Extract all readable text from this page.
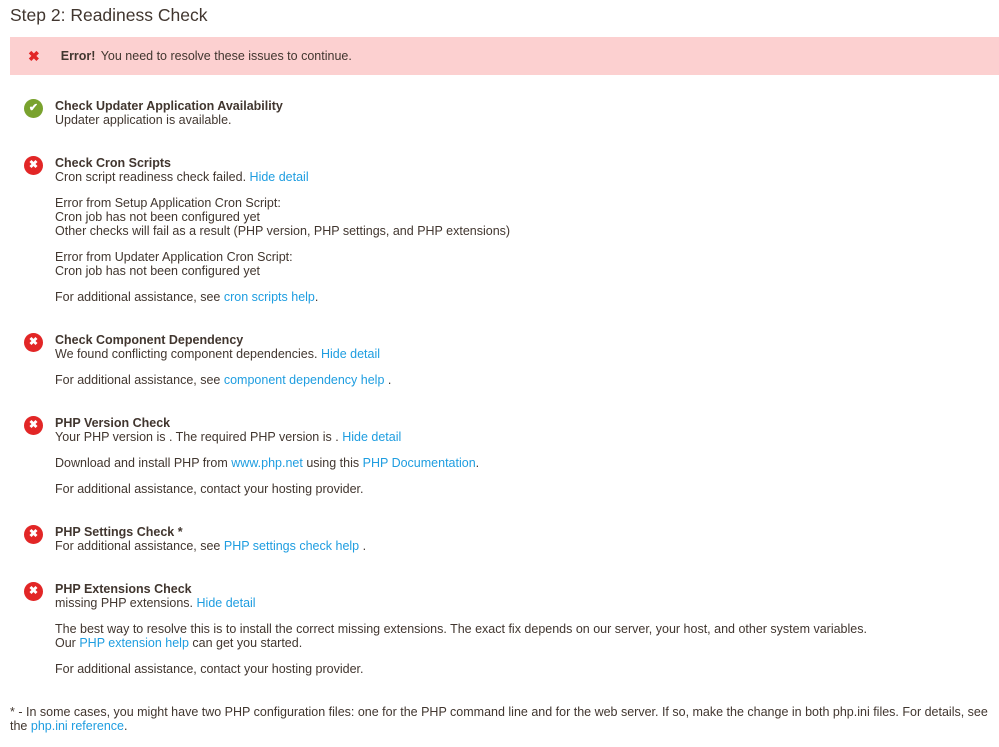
Step 2: Readiness Check
✖ Error! You need to resolve these issues to continue.

✔	Check Updater Application Availability

Updater application is available.

✖	Check Cron Scripts

Cron script readiness check failed. Hide detail

Error from Setup Application Cron Script:
Cron job has not been configured yet
Other checks will fail as a result (PHP version, PHP settings, and PHP extensions)
Error from Updater Application Cron Script:
Cron job has not been configured yet

For additional assistance, see cron scripts help.

✖	Check Component Dependency

We found conflicting component dependencies. Hide detail

For additional assistance, see component dependency help .

✖	PHP Version Check

Your PHP version is . The required PHP version is . Hide detail

Download and install PHP from www.php.net using this PHP Documentation.

For additional assistance, contact your hosting provider.

✖	PHP Settings Check *

For additional assistance, see PHP settings check help .

✖	PHP Extensions Check

missing PHP extensions. Hide detail

The best way to resolve this is to install the correct missing extensions. The exact fix depends on our server, your host, and other system variables.
Our PHP extension help can get you started.

For additional assistance, contact your hosting provider.

* - In some cases, you might have two PHP configuration files: one for the PHP command line and for the web server. If so, make the change in both php.ini files. For details, see the php.ini reference.
